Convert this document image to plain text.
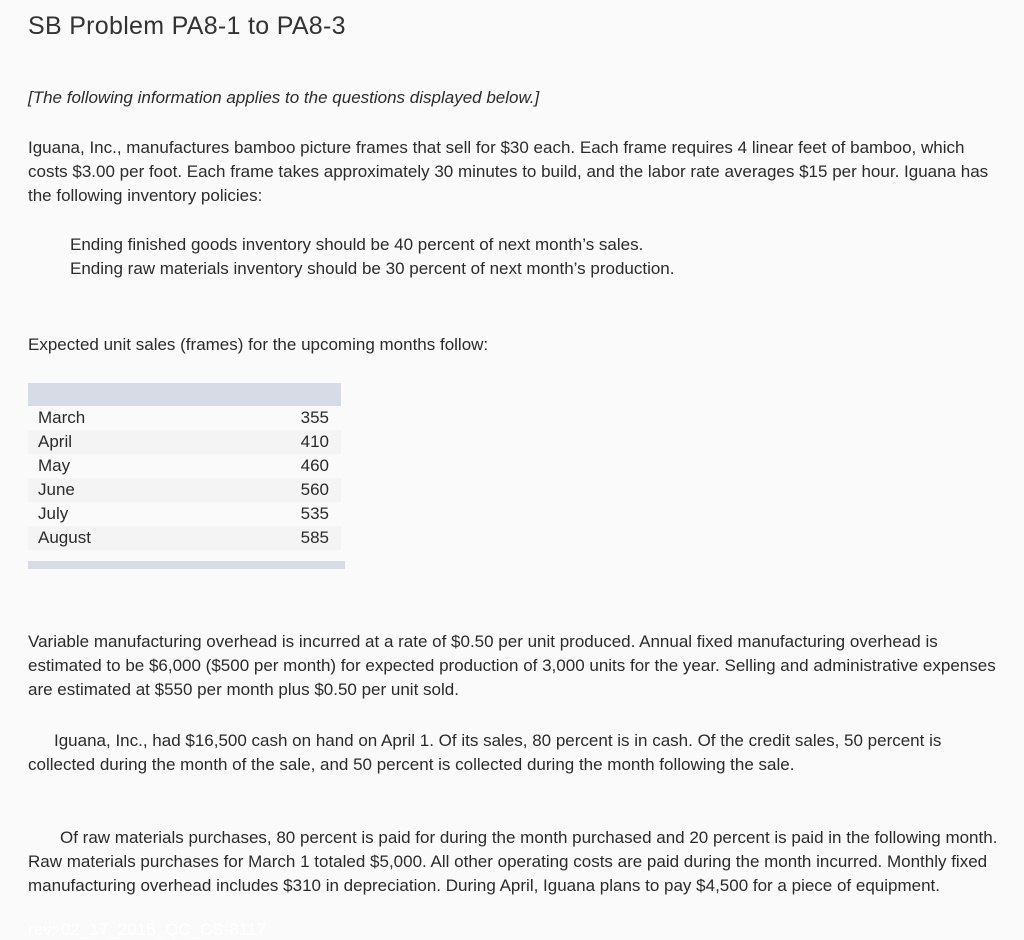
SB Problem PA8-1 to PA8-3

[The following information applies to the questions displayed below.]

Iguana, Inc., manufactures bamboo picture frames that sell for $30 each. Each frame requires 4 linear feet of bamboo, which costs $3.00 per foot. Each frame takes approximately 30 minutes to build, and the labor rate averages $15 per hour. Iguana has the following inventory policies:

Ending finished goods inventory should be 40 percent of next month’s sales.

Ending raw materials inventory should be 30 percent of next month’s production.

Expected unit sales (frames) for the upcoming months follow:

March	355
April	410
May	460
June	560
July	535
August	585

Variable manufacturing overhead is incurred at a rate of $0.50 per unit produced. Annual fixed manufacturing overhead is estimated to be $6,000 ($500 per month) for expected production of 3,000 units for the year. Selling and administrative expenses are estimated at $550 per month plus $0.50 per unit sold.

Iguana, Inc., had $16,500 cash on hand on April 1. Of its sales, 80 percent is in cash. Of the credit sales, 50 percent is collected during the month of the sale, and 50 percent is collected during the month following the sale.

Of raw materials purchases, 80 percent is paid for during the month purchased and 20 percent is paid in the following month. Raw materials purchases for March 1 totaled $5,000. All other operating costs are paid during the month incurred. Monthly fixed manufacturing overhead includes $310 in depreciation. During April, Iguana plans to pay $4,500 for a piece of equipment.

rev: 02_17_2015_QC_CS-8117
